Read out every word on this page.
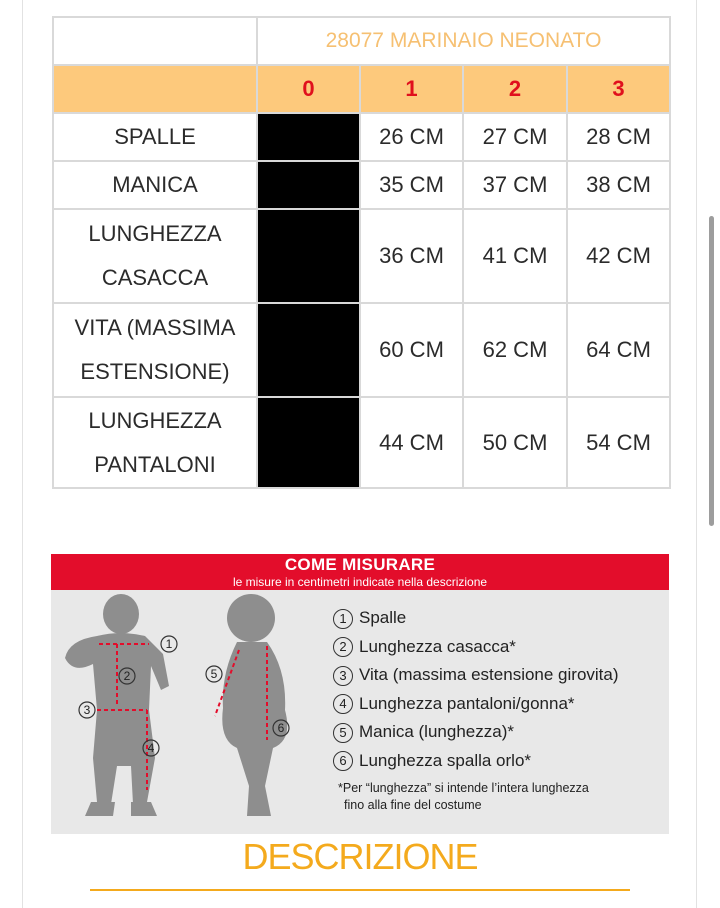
	28077 MARINAIO NEONATO			
	0	1	2	3
SPALLE		26 CM	27 CM	28 CM
MANICA		35 CM	37 CM	38 CM
LUNGHEZZA
CASACCA		36 CM	41 CM	42 CM
VITA (MASSIMA
ESTENSIONE)		60 CM	62 CM	64 CM
LUNGHEZZA
PANTALONI		44 CM	50 CM	54 CM
COME MISURARE
le misure in centimetri indicate nella descrizione
1
2
3
4
5
6
1 Spalle
2 Lunghezza casacca*
3 Vita (massima estensione girovita)
4 Lunghezza pantaloni/gonna*
5 Manica (lunghezza)*
6 Lunghezza spalla orlo*
*Per “lunghezza” si intende l’intera lunghezza
fino alla fine del costume
DESCRIZIONE
